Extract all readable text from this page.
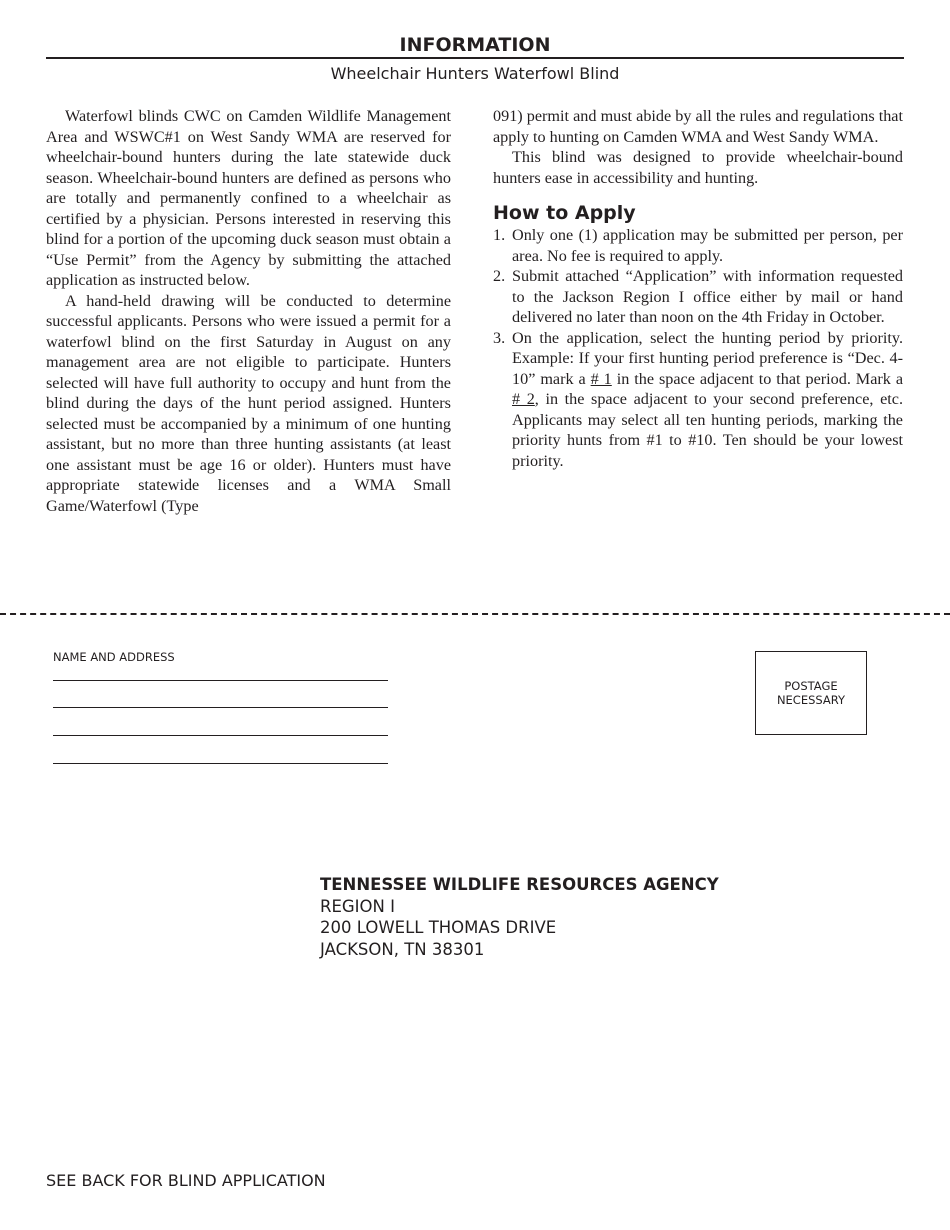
INFORMATION
Wheelchair Hunters Waterfowl Blind

Waterfowl blinds CWC on Camden Wildlife Management Area and WSWC#1 on West Sandy WMA are reserved for wheelchair-bound hunters during the late statewide duck season. Wheelchair-bound hunters are defined as persons who are totally and permanently confined to a wheelchair as certified by a physician. Persons interested in reserving this blind for a portion of the upcoming duck season must obtain a “Use Permit” from the Agency by submitting the attached application as instructed below.

A hand-held drawing will be conducted to determine successful applicants. Persons who were issued a permit for a waterfowl blind on the first Saturday in August on any management area are not eligible to participate. Hunters selected will have full authority to occupy and hunt from the blind during the days of the hunt period assigned. Hunters selected must be accompanied by a minimum of one hunting assistant, but no more than three hunting assistants (at least one assistant must be age 16 or older). Hunters must have appropriate statewide licenses and a WMA Small Game/Waterfowl (Type

091) permit and must abide by all the rules and regulations that apply to hunting on Camden WMA and West Sandy WMA.

This blind was designed to provide wheelchair-bound hunters ease in accessibility and hunting.

How to Apply
1. Only one (1) application may be submitted per person, per area. No fee is required to apply.
2. Submit attached “Application” with information requested to the Jackson Region I office either by mail or hand delivered no later than noon on the 4th Friday in October.
3. On the application, select the hunting period by priority. Example: If your first hunting period preference is “Dec. 4-10” mark a # 1 in the space adjacent to that period. Mark a # 2, in the space adjacent to your second preference, etc. Applicants may select all ten hunting periods, marking the priority hunts from #1 to #10. Ten should be your lowest priority.
NAME AND ADDRESS
POSTAGE
NECESSARY
TENNESSEE WILDLIFE RESOURCES AGENCY
REGION I
200 LOWELL THOMAS DRIVE
JACKSON, TN 38301
SEE BACK FOR BLIND APPLICATION
